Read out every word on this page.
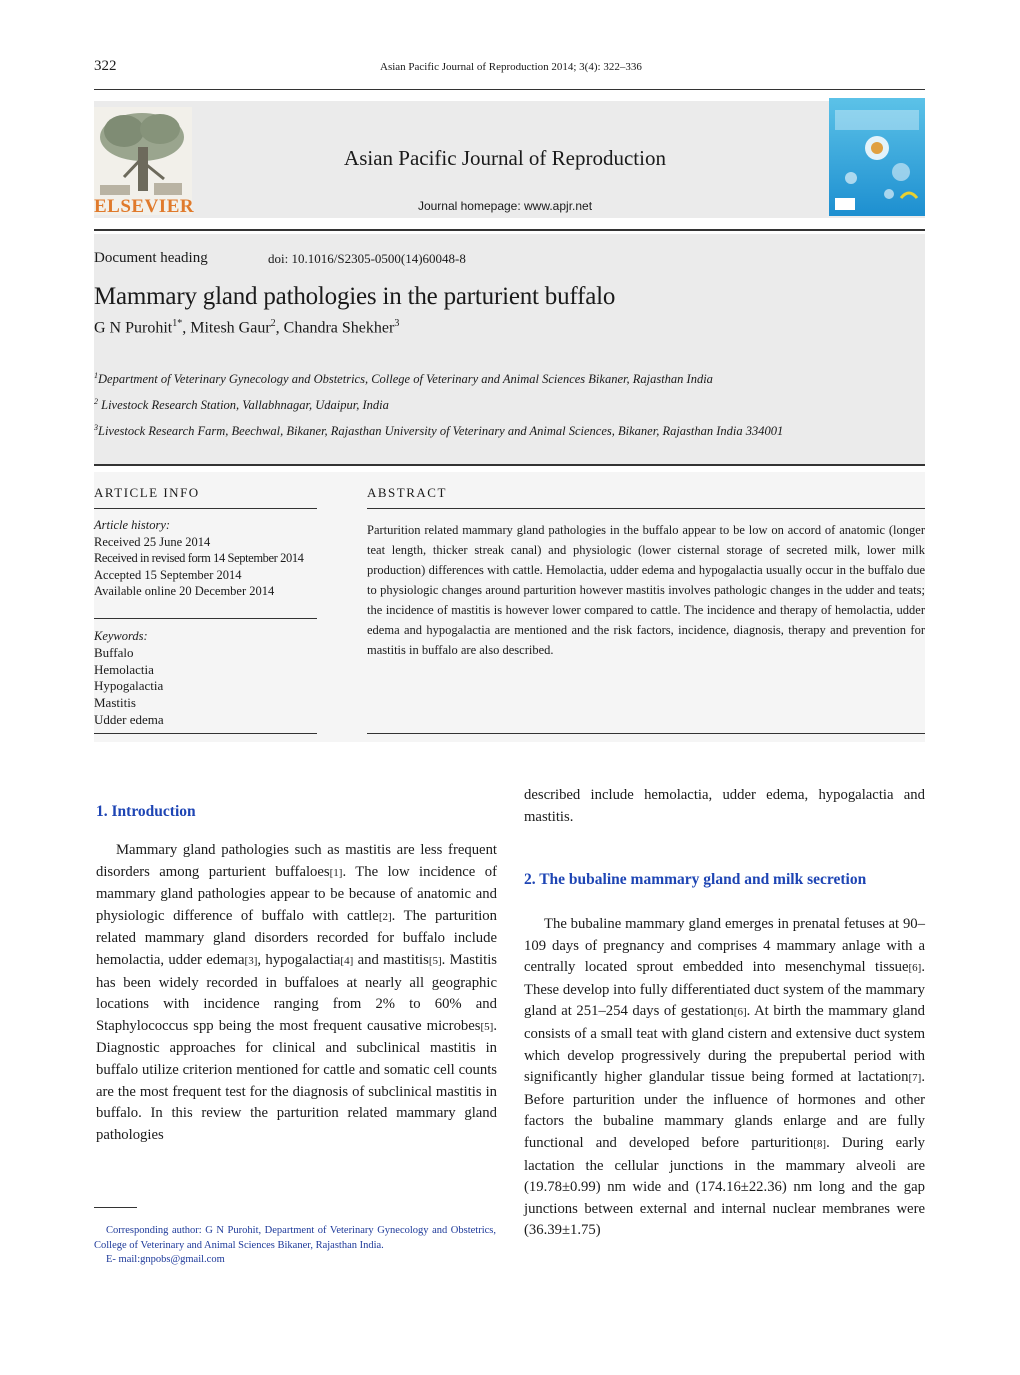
322	Asian Pacific Journal of Reproduction 2014; 3(4): 322–336
ELSEVIER
Asian Pacific Journal of Reproduction
Journal homepage: www.apjr.net
Document heading	doi: 10.1016/S2305-0500(14)60048-8
Mammary gland pathologies in the parturient buffalo
G N Purohit$^{1*}$, Mitesh Gaur$^2$, Chandra Shekher$^3$
$^1$Department of Veterinary Gynecology and Obstetrics, College of Veterinary and Animal Sciences Bikaner, Rajasthan India
$^2$ Livestock Research Station, Vallabhnagar, Udaipur, India
$^3$Livestock Research Farm, Beechwal, Bikaner, Rajasthan University of Veterinary and Animal Sciences, Bikaner, Rajasthan India 334001
ARTICLE INFO	ABSTRACT
Article history:
Received 25 June 2014
Received in revised form 14 September 2014
Accepted 15 September 2014
Available online 20 December 2014
Keywords:
Buffalo
Hemolactia
Hypogalactia
Mastitis
Udder edema
Parturition related mammary gland pathologies in the buffalo appear to be low on accord of anatomic (longer teat length, thicker streak canal) and physiologic (lower cisternal storage of secreted milk, lower milk production) differences with cattle. Hemolactia, udder edema and hypogalactia usually occur in the buffalo due to physiologic changes around parturition however mastitis involves pathologic changes in the udder and teats; the incidence of mastitis is however lower compared to cattle. The incidence and therapy of hemolactia, udder edema and hypogalactia are mentioned and the risk factors, incidence, diagnosis, therapy and prevention for mastitis in buffalo are also described.
1. Introduction
Mammary gland pathologies such as mastitis are less frequent disorders among parturient buffaloes[1]. The low incidence of mammary gland pathologies appear to be because of anatomic and physiologic difference of buffalo with cattle[2]. The parturition related mammary gland disorders recorded for buffalo include hemolactia, udder edema[3], hypogalactia[4] and mastitis[5]. Mastitis has been widely recorded in buffaloes at nearly all geographic locations with incidence ranging from 2% to 60% and Staphylococcus spp being the most frequent causative microbes[5]. Diagnostic approaches for clinical and subclinical mastitis in buffalo utilize criterion mentioned for cattle and somatic cell counts are the most frequent test for the diagnosis of subclinical mastitis in buffalo. In this review the parturition related mammary gland pathologies
Corresponding author: G N Purohit, Department of Veterinary Gynecology and Obstetrics, College of Veterinary and Animal Sciences Bikaner, Rajasthan India.
E- mail:gnpobs@gmail.com
described include hemolactia, udder edema, hypogalactia and mastitis.
2. The bubaline mammary gland and milk secretion
The bubaline mammary gland emerges in prenatal fetuses at 90–109 days of pregnancy and comprises 4 mammary anlage with a centrally located sprout embedded into mesenchymal tissue[6]. These develop into fully differentiated duct system of the mammary gland at 251–254 days of gestation[6]. At birth the mammary gland consists of a small teat with gland cistern and extensive duct system which develop progressively during the prepubertal period with significantly higher glandular tissue being formed at lactation[7]. Before parturition under the influence of hormones and other factors the bubaline mammary glands enlarge and are fully functional and developed before parturition[8]. During early lactation the cellular junctions in the mammary alveoli are (19.78±0.99) nm wide and (174.16±22.36) nm long and the gap junctions between external and internal nuclear membranes were (36.39±1.75)
